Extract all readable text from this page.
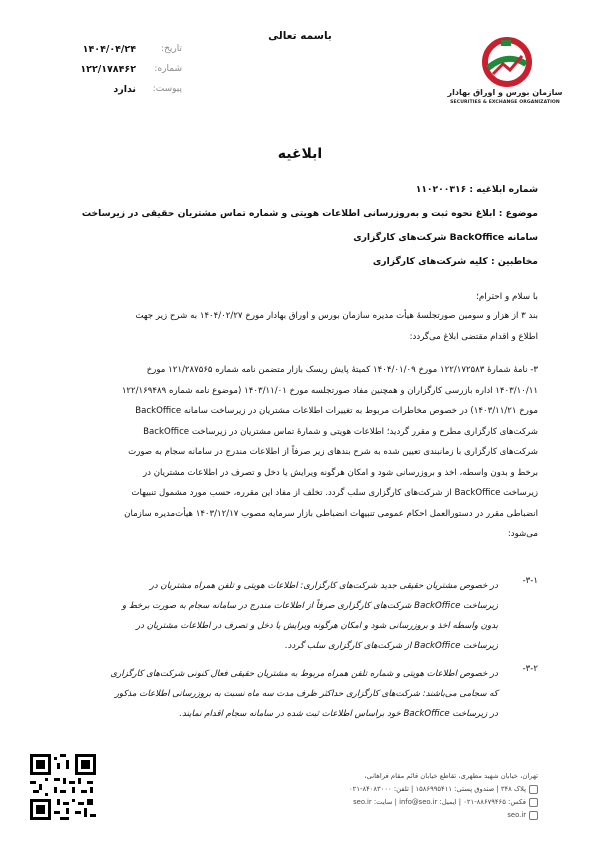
باسمه تعالی
تاریخ:
۱۴۰۴/۰۴/۲۴
شماره:
۱۲۲/۱۷۸۴۶۲
پیوست:
ندارد	سازمان بورس و اوراق بهادار
SECURITIES & EXCHANGE ORGANIZATION
ابلاغیه
شماره ابلاغیه : ۱۱۰۲۰۰۳۱۶
موضوع : ابلاغ نحوه ثبت و به‌روزرسانی اطلاعات هویتی و شماره تماس مشتریان حقیقی در زیرساخت
سامانه BackOffice شرکت‌های کارگزاری
مخاطبین : کلیه شرکت‌های کارگزاری
با سلام و احترام؛
بند ۳ از هزار و سومین صورتجلسهٔ هیأت مدیره سازمان بورس و اوراق بهادار مورخ ۱۴۰۴/۰۲/۲۷ به شرح زیر جهت
اطلاع و اقدام مقتضی ابلاغ می‌گردد:
۳- نامهٔ شمارهٔ ۱۲۲/۱۷۲۵۸۳ مورخ ۱۴۰۴/۰۱/۰۹ کمیتهٔ پایش ریسک بازار متضمن نامه شماره ۱۲۱/۲۸۷۵۶۵ مورخ
۱۴۰۳/۱۰/۱۱ اداره بازرسی کارگزاران و همچنین مفاد صورتجلسه مورخ ۱۴۰۳/۱۱/۰۱ (موضوع نامه شماره ۱۲۲/۱۶۹۴۸۹
مورخ ۱۴۰۳/۱۱/۲۱) در خصوص مخاطرات مربوط به تغییرات اطلاعات مشتریان در زیرساخت سامانه BackOffice
شرکت‌های کارگزاری مطرح و مقرر گردید؛ اطلاعات هویتی و شمارهٔ تماس مشتریان در زیرساخت BackOffice
شرکت‌های کارگزاری با زمانبندی تعیین شده به شرح بندهای زیر صرفاً از اطلاعات مندرج در سامانه سجام به صورت
برخط و بدون واسطه، اخذ و بروزرسانی شود و امکان هرگونه ویرایش یا دخل و تصرف در اطلاعات مشتریان در
زیرساخت BackOffice از شرکت‌های کارگزاری سلب گردد. تخلف از مفاد این مقرره، حسب مورد مشمول تنبیهات
انضباطی مقرر در دستورالعمل احکام عمومی تنبیهات انضباطی بازار سرمایه مصوب ۱۴۰۳/۱۲/۱۷ هیأت‌مدیره سازمان
می‌شود:
۳-۱-
در خصوص مشتریان حقیقی جدید شرکت‌های کارگزاری: اطلاعات هویتی و تلفن همراه مشتریان در
زیرساخت BackOffice شرکت‌های کارگزاری صرفاً از اطلاعات مندرج در سامانه سجام به صورت برخط و
بدون واسطه اخذ و بروزرسانی شود و امکان هرگونه ویرایش یا دخل و تصرف در اطلاعات مشتریان در
زیرساخت BackOffice از شرکت‌های کارگزاری سلب گردد.
۳-۲-
در خصوص اطلاعات هویتی و شماره تلفن همراه مربوط به مشتریان حقیقی فعال کنونی شرکت‌های کارگزاری
که سجامی می‌باشند: شرکت‌های کارگزاری حداکثر ظرف مدت سه ماه نسبت به بروزرسانی اطلاعات مذکور
در زیرساخت BackOffice خود براساس اطلاعات ثبت شده در سامانه سجام اقدام نمایند.
تهران، خیابان شهید مطهری، تقاطع خیابان قائم مقام فراهانی،
پلاک ۳۴۸ | صندوق پستی: ۱۵۸۶۹۹۵۴۱۱ | تلفن: ۸۴۰۸۳۰۰۰-۰۲۱
فکس: ۸۸۶۷۹۴۶۵-۰۲۱ | ایمیل: info@seo.ir | سایت: seo.ir
seo.ir
